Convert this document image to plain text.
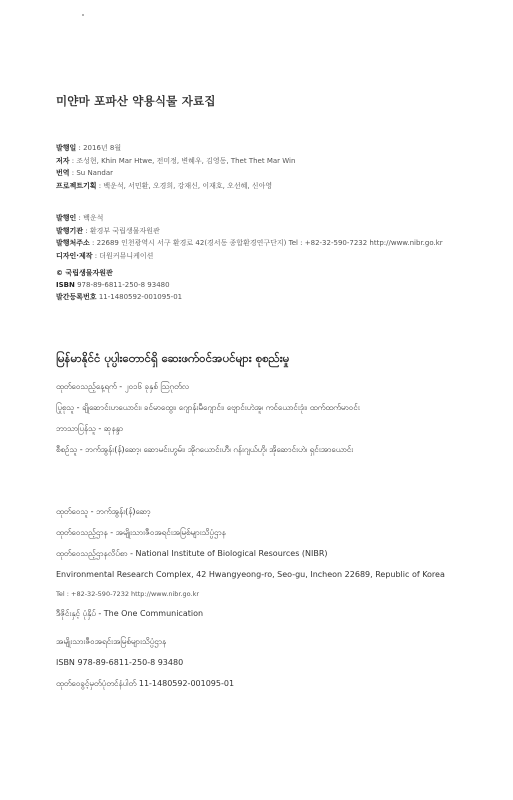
미얀마 포파산 약용식물 자료집
발행일 : 2016년 8월
저자 : 조성현, Khin Mar Htwe, 전미정, 변혜우, 김영동, Thet Thet Mar Win
번역 : Su Nandar
프로젝트기획 : 백운석, 서민환, 오경희, 강재신, 이재호, 오선혜, 신아영
발행인 : 백운석
발행기관 : 환경부 국립생물자원관
발행처주소 : 22689 인천광역시 서구 환경로 42(경서동 종합환경연구단지) Tel : +82-32-590-7232 http://www.nibr.go.kr
디자인·제작 : 더원커뮤니케이션
© 국립생물자원관
ISBN 978-89-6811-250-8 93480
발간등록번호 11-1480592-001095-01
မြန်မာနိုင်ငံ ပုပ္ပါးတောင်ရှိ ဆေးဖက်ဝင်အပင်များ စုစည်းမှု
ထုတ်ဝေသည့်နေ့ရက် - ၂၀၁၆ ခုနှစ် ဩဂုတ်လ
ပြုစုသူ - ချိုဆောင်းဟယောင်း၊ ခင်မာထွေး၊ ဂျောန်းမီဂျောင်း၊ ဗျောင်းဟဲအူ၊ ကင်ယောင်းဒုံး၊ ထက်ထက်မာဝင်း
ဘာသာပြန်သူ - ဆုနန္ဒာ
စီစဉ်သူ - ဘက်အွန်း(န်)ဆော့၊ ဆောမင်းဟွမ်း၊ အိုဂယောင်းဟီ၊ ဂန်းဂျယ်ဟို၊ အိုဆောင်းဟဲ၊ ရှင်းအာယောင်း
ထုတ်ဝေသူ - ဘက်အွန်း(န်)ဆော့
ထုတ်ဝေသည့်ဌာန - အမျိုးသားဇီဝအရင်းအမြစ်များသိပ္ပံဌာန
ထုတ်ဝေသည့်ဌာနလိပ်စာ - National Institute of Biological Resources (NIBR)
Environmental Research Complex, 42 Hwangyeong-ro, Seo-gu, Incheon 22689, Republic of Korea
Tel : +82-32-590-7232 http://www.nibr.go.kr
ဒီဇိုင်းနှင့် ပုံနှိပ် - The One Communication
အမျိုးသားဇီဝအရင်းအမြစ်များသိပ္ပံဌာန
ISBN 978-89-6811-250-8 93480
ထုတ်ဝေခွင့်မှတ်ပုံတင်နံပါတ် 11-1480592-001095-01
